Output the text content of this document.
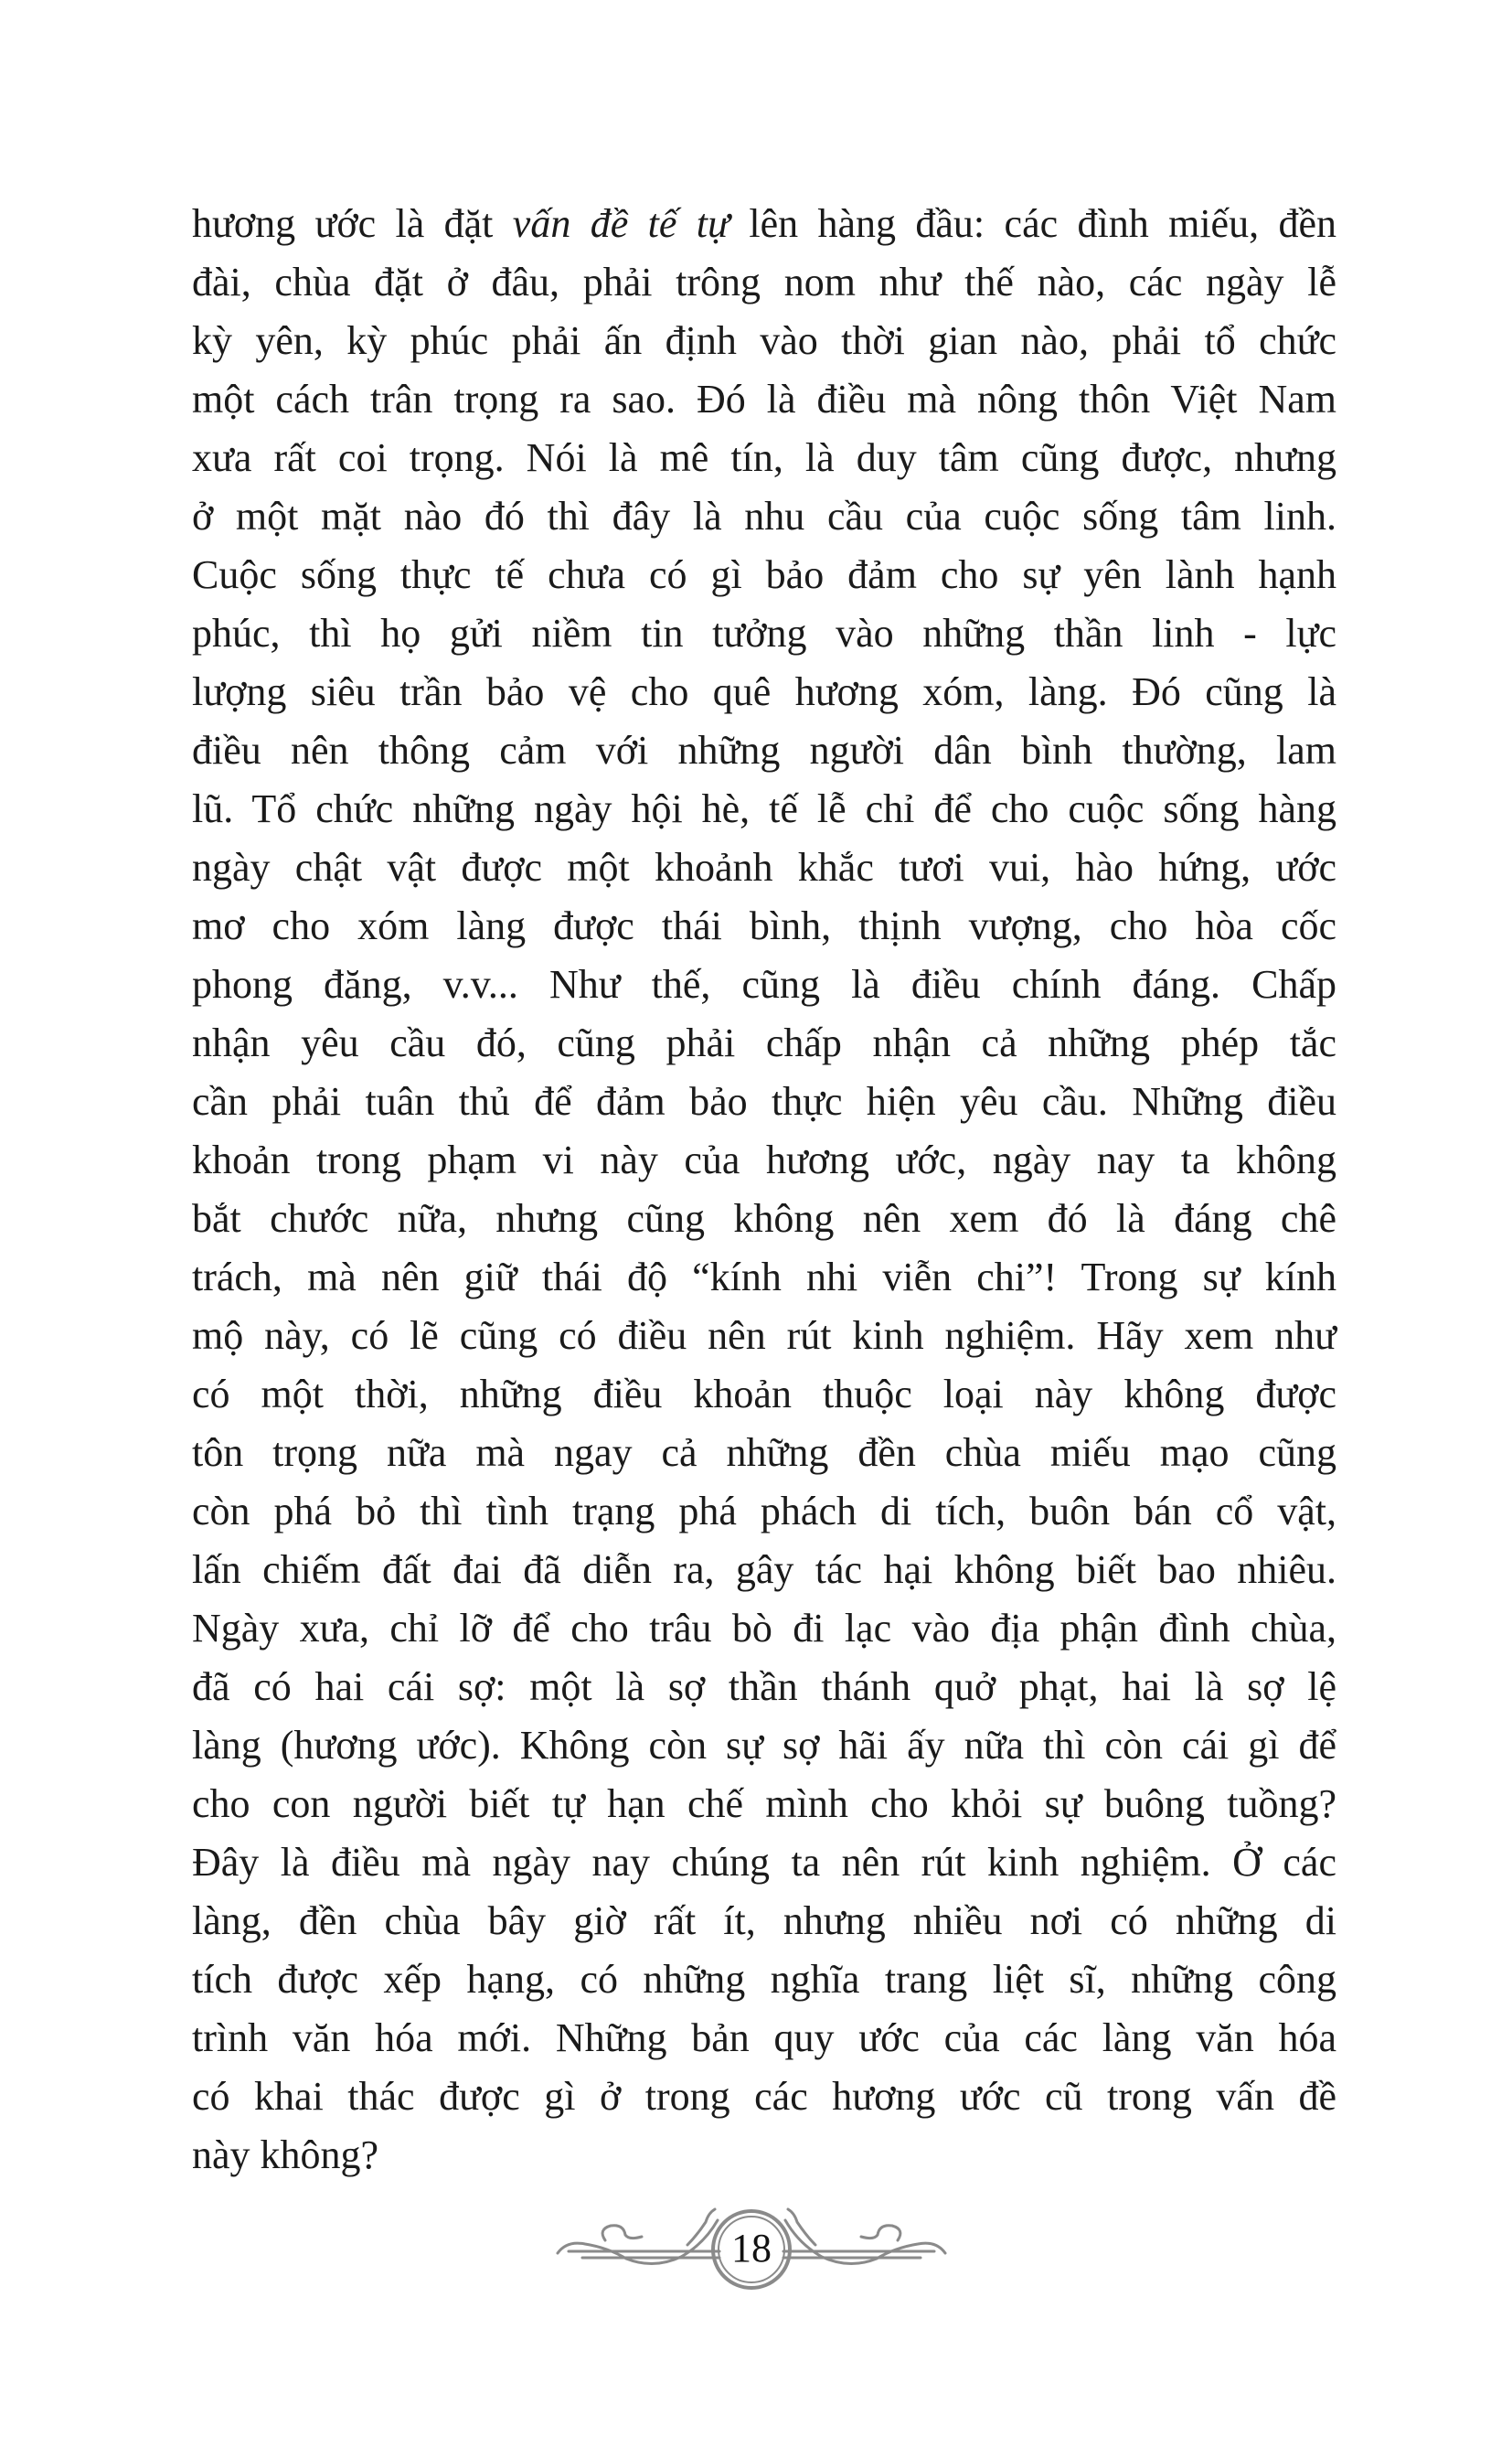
hương ước là đặt vấn đề tế tự lên hàng đầu: các đình miếu, đền
đài, chùa đặt ở đâu, phải trông nom như thế nào, các ngày lễ
kỳ yên, kỳ phúc phải ấn định vào thời gian nào, phải tổ chức
một cách trân trọng ra sao. Đó là điều mà nông thôn Việt Nam
xưa rất coi trọng. Nói là mê tín, là duy tâm cũng được, nhưng
ở một mặt nào đó thì đây là nhu cầu của cuộc sống tâm linh.
Cuộc sống thực tế chưa có gì bảo đảm cho sự yên lành hạnh
phúc, thì họ gửi niềm tin tưởng vào những thần linh - lực
lượng siêu trần bảo vệ cho quê hương xóm, làng. Đó cũng là
điều nên thông cảm với những người dân bình thường, lam
lũ. Tổ chức những ngày hội hè, tế lễ chỉ để cho cuộc sống hàng
ngày chật vật được một khoảnh khắc tươi vui, hào hứng, ước
mơ cho xóm làng được thái bình, thịnh vượng, cho hòa cốc
phong đăng, v.v... Như thế, cũng là điều chính đáng. Chấp
nhận yêu cầu đó, cũng phải chấp nhận cả những phép tắc
cần phải tuân thủ để đảm bảo thực hiện yêu cầu. Những điều
khoản trong phạm vi này của hương ước, ngày nay ta không
bắt chước nữa, nhưng cũng không nên xem đó là đáng chê
trách, mà nên giữ thái độ “kính nhi viễn chi”! Trong sự kính
mộ này, có lẽ cũng có điều nên rút kinh nghiệm. Hãy xem như
có một thời, những điều khoản thuộc loại này không được
tôn trọng nữa mà ngay cả những đền chùa miếu mạo cũng
còn phá bỏ thì tình trạng phá phách di tích, buôn bán cổ vật,
lấn chiếm đất đai đã diễn ra, gây tác hại không biết bao nhiêu.
Ngày xưa, chỉ lỡ để cho trâu bò đi lạc vào địa phận đình chùa,
đã có hai cái sợ: một là sợ thần thánh quở phạt, hai là sợ lệ
làng (hương ước). Không còn sự sợ hãi ấy nữa thì còn cái gì để
cho con người biết tự hạn chế mình cho khỏi sự buông tuồng?
Đây là điều mà ngày nay chúng ta nên rút kinh nghiệm. Ở các
làng, đền chùa bây giờ rất ít, nhưng nhiều nơi có những di
tích được xếp hạng, có những nghĩa trang liệt sĩ, những công
trình văn hóa mới. Những bản quy ước của các làng văn hóa
có khai thác được gì ở trong các hương ước cũ trong vấn đề
này không?
18
